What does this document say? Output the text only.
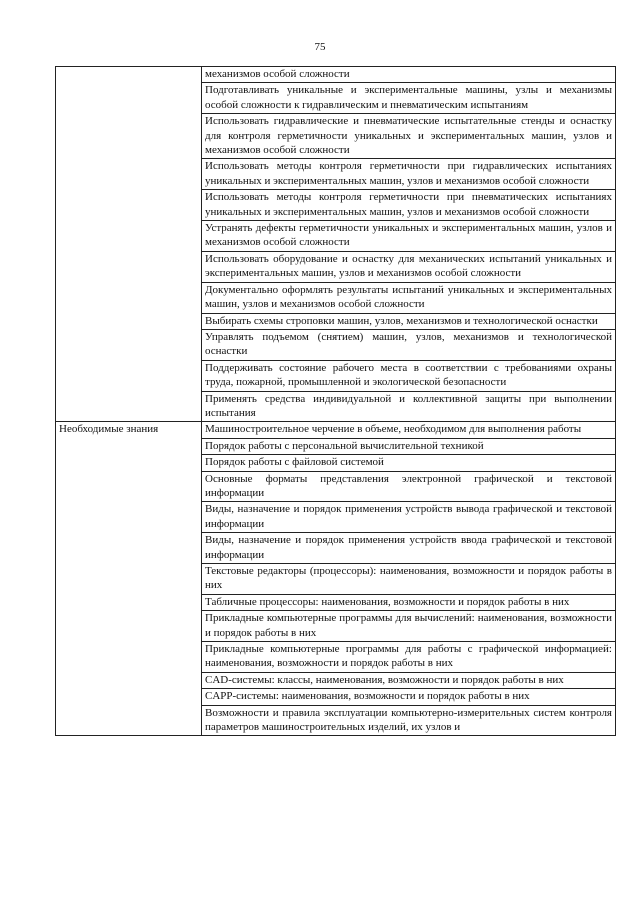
75
	механизмов особой сложности
	Подготавливать уникальные и экспериментальные машины, узлы и механизмы особой сложности к гидравлическим и пневматическим испытаниям
	Использовать гидравлические и пневматические испытательные стенды и оснастку для контроля герметичности уникальных и экспериментальных машин, узлов и механизмов особой сложности
	Использовать методы контроля герметичности при гидравлических испытаниях уникальных и экспериментальных машин, узлов и механизмов особой сложности
	Использовать методы контроля герметичности при пневматических испытаниях уникальных и экспериментальных машин, узлов и механизмов особой сложности
	Устранять дефекты герметичности уникальных и экспериментальных машин, узлов и механизмов особой сложности
	Использовать оборудование и оснастку для механических испытаний уникальных и экспериментальных машин, узлов и механизмов особой сложности
	Документально оформлять результаты испытаний уникальных и экспериментальных машин, узлов и механизмов особой сложности
	Выбирать схемы строповки машин, узлов, механизмов и технологической оснастки
	Управлять подъемом (снятием) машин, узлов, механизмов и технологической оснастки
	Поддерживать состояние рабочего места в соответствии с требованиями охраны труда, пожарной, промышленной и экологической безопасности
	Применять средства индивидуальной и коллективной защиты при выполнении испытания
Необходимые знания	Машиностроительное черчение в объеме, необходимом для выполнения работы
	Порядок работы с персональной вычислительной техникой
	Порядок работы с файловой системой
	Основные форматы представления электронной графической и текстовой информации
	Виды, назначение и порядок применения устройств вывода графической и текстовой информации
	Виды, назначение и порядок применения устройств ввода графической и текстовой информации
	Текстовые редакторы (процессоры): наименования, возможности и порядок работы в них
	Табличные процессоры: наименования, возможности и порядок работы в них
	Прикладные компьютерные программы для вычислений: наименования, возможности и порядок работы в них
	Прикладные компьютерные программы для работы с графической информацией: наименования, возможности и порядок работы в них
	CAD-системы: классы, наименования, возможности и порядок работы в них
	CAPP-системы: наименования, возможности и порядок работы в них
	Возможности и правила эксплуатации компьютерно-измерительных систем контроля параметров машиностроительных изделий, их узлов и
